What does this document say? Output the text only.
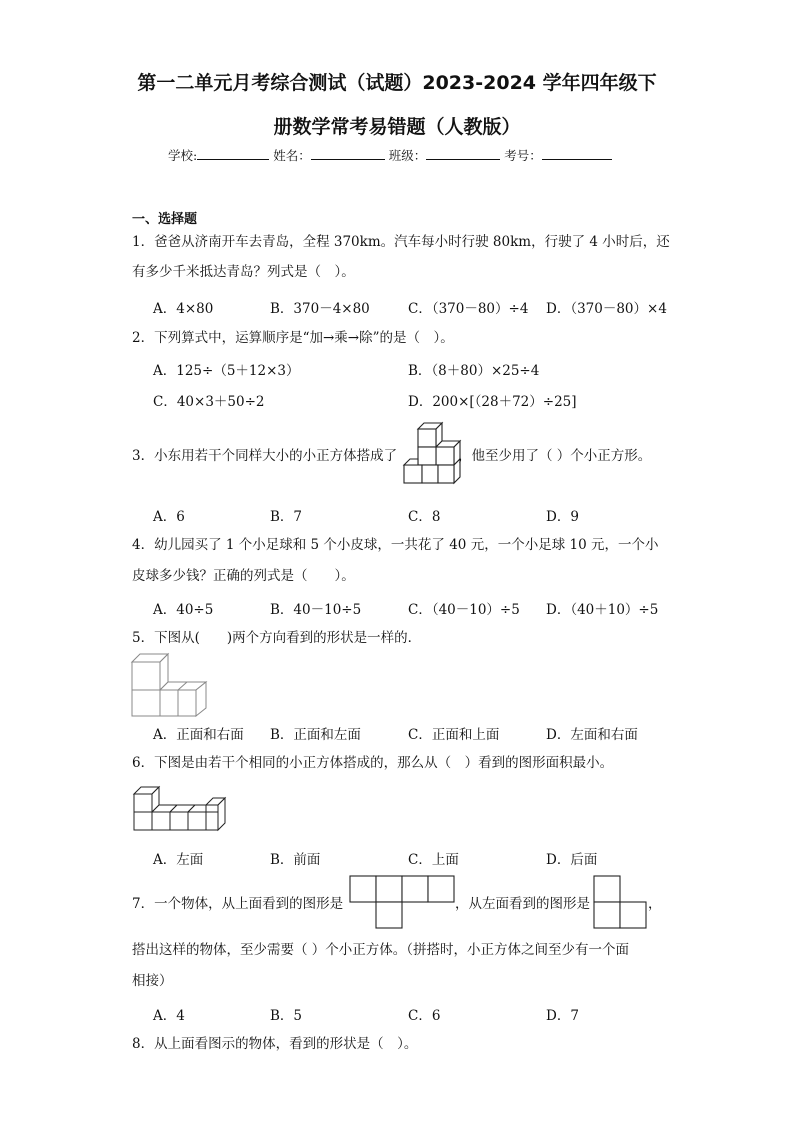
第一二单元月考综合测试（试题）2023-2024 学年四年级下
册数学常考易错题（人教版）
学校:	姓名：	班级：	考号：
一、选择题
1．爸爸从济南开车去青岛，全程 370km。汽车每小时行驶 80km，行驶了 4 小时后，还
有多少千米抵达青岛？列式是（　）。
A．4×80	B．370－4×80	C．（370－80）÷4 D．（370－80）×4
2．下列算式中，运算顺序是“加→乘→除”的是（　）。
A．125÷（5＋12×3）	B．（8＋80）×25÷4
C．40×3＋50÷2	D．200×[（28＋72）÷25]
3．小东用若干个同样大小的小正方体搭成了	，他至少用了（ ）个小正方形。
A．6	B．7	C．8	D．9
4．幼儿园买了 1 个小足球和 5 个小皮球，一共花了 40 元，一个小足球 10 元，一个小
皮球多少钱？正确的列式是（　　）。
A．40÷5	B．40－10÷5	C．（40－10）÷5 D．（40＋10）÷5
5．下图从(　　)两个方向看到的形状是一样的．
A．正面和右面 B．正面和左面	C．正面和上面	D．左面和右面
6．下图是由若干个相同的小正方体搭成的，那么从（　）看到的图形面积最小。
A．左面	B．前面	C．上面	D．后面
7．一个物体，从上面看到的图形是	，从左面看到的图形是	，
搭出这样的物体，至少需要（ ）个小正方体。（拼搭时，小正方体之间至少有一个面
相接）
A．4	B．5	C．6	D．7
8．从上面看图示的物体，看到的形状是（　）。
